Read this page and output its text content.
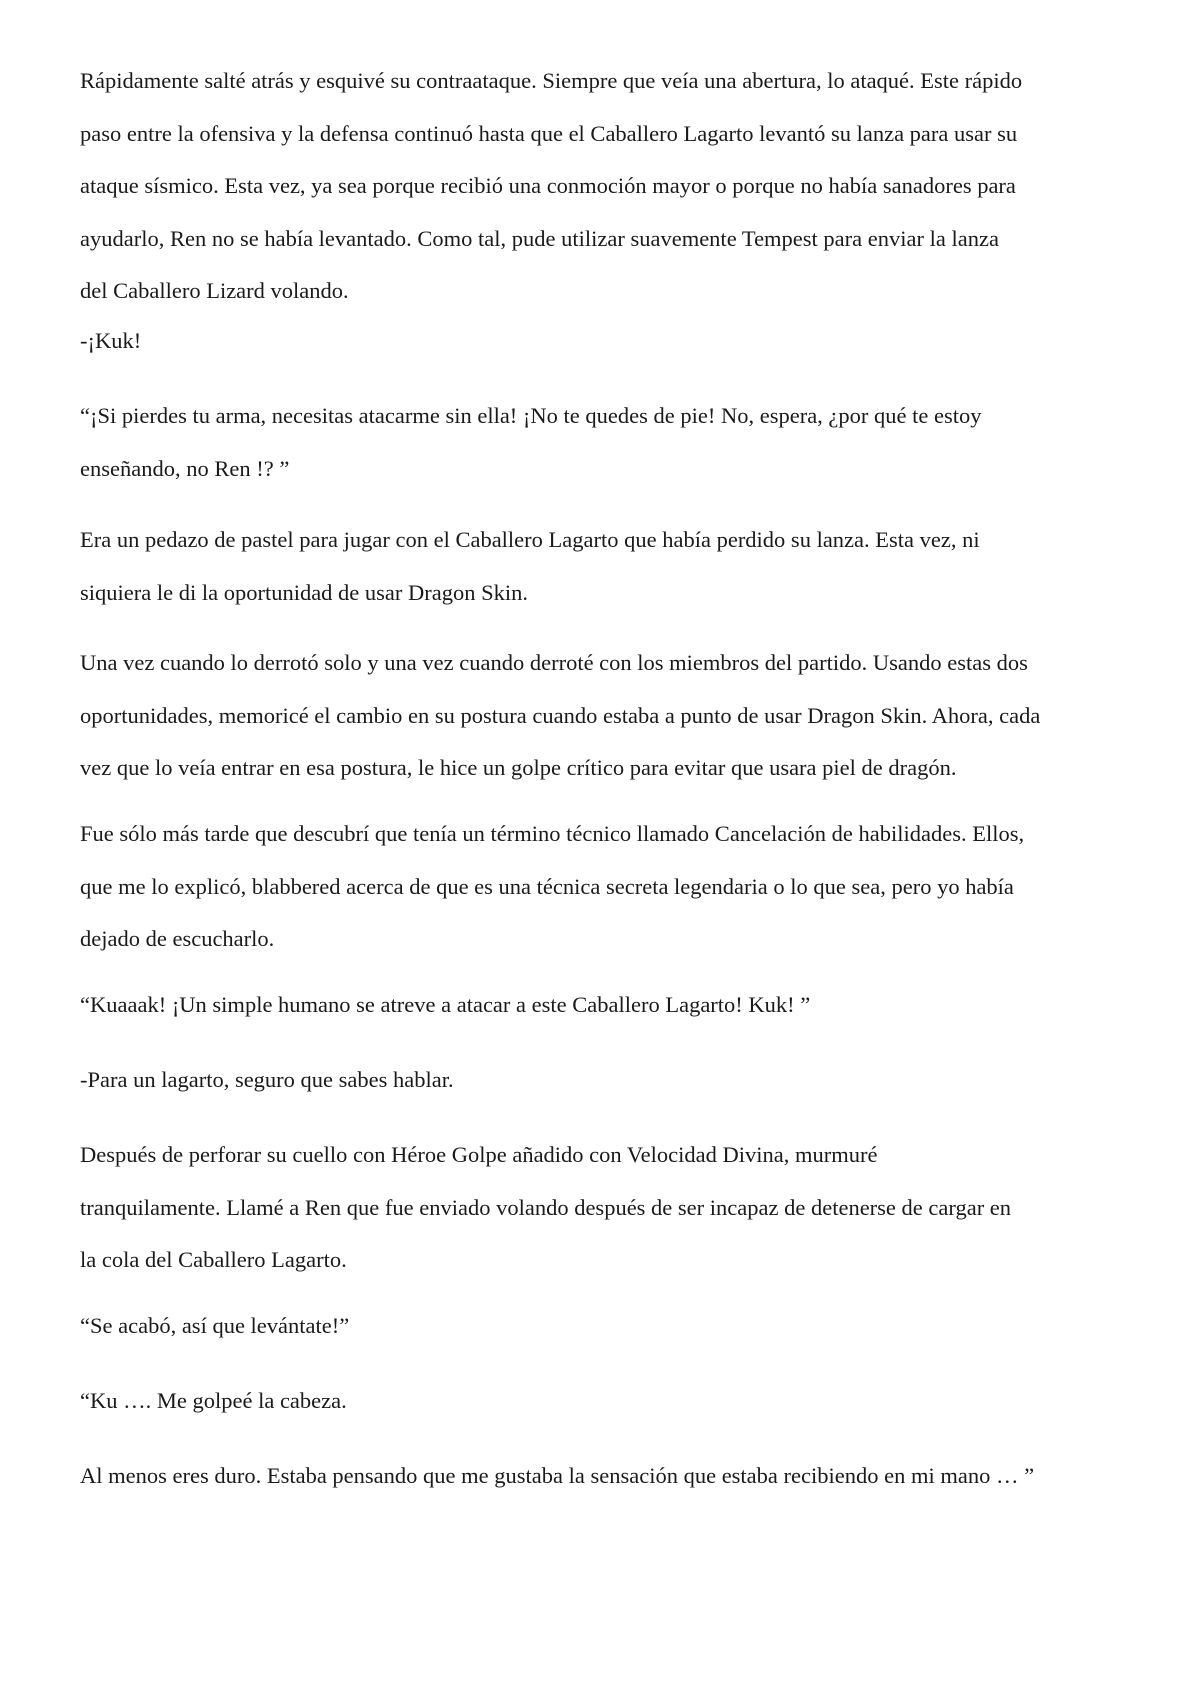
Rápidamente salté atrás y esquivé su contraataque. Siempre que veía una abertura, lo ataqué. Este rápido
paso entre la ofensiva y la defensa continuó hasta que el Caballero Lagarto levantó su lanza para usar su
ataque sísmico. Esta vez, ya sea porque recibió una conmoción mayor o porque no había sanadores para
ayudarlo, Ren no se había levantado. Como tal, pude utilizar suavemente Tempest para enviar la lanza
del Caballero Lizard volando.

-¡Kuk!

“¡Si pierdes tu arma, necesitas atacarme sin ella! ¡No te quedes de pie! No, espera, ¿por qué te estoy
enseñando, no Ren !? ”

Era un pedazo de pastel para jugar con el Caballero Lagarto que había perdido su lanza. Esta vez, ni
siquiera le di la oportunidad de usar Dragon Skin.

Una vez cuando lo derrotó solo y una vez cuando derroté con los miembros del partido. Usando estas dos
oportunidades, memoricé el cambio en su postura cuando estaba a punto de usar Dragon Skin. Ahora, cada
vez que lo veía entrar en esa postura, le hice un golpe crítico para evitar que usara piel de dragón.

Fue sólo más tarde que descubrí que tenía un término técnico llamado Cancelación de habilidades. Ellos,
que me lo explicó, blabbered acerca de que es una técnica secreta legendaria o lo que sea, pero yo había
dejado de escucharlo.

“Kuaaak! ¡Un simple humano se atreve a atacar a este Caballero Lagarto! Kuk! ”

-Para un lagarto, seguro que sabes hablar.

Después de perforar su cuello con Héroe Golpe añadido con Velocidad Divina, murmuré
tranquilamente. Llamé a Ren que fue enviado volando después de ser incapaz de detenerse de cargar en
la cola del Caballero Lagarto.

“Se acabó, así que levántate!”

“Ku …. Me golpeé la cabeza.

Al menos eres duro. Estaba pensando que me gustaba la sensación que estaba recibiendo en mi mano … ”
